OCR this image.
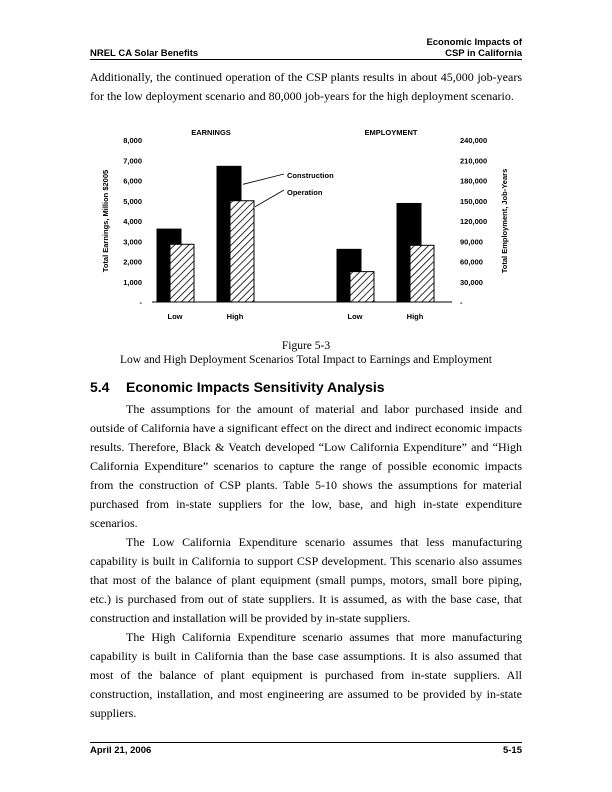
NREL CA Solar Benefits
Economic Impacts of
CSP in California

Additionally, the continued operation of the CSP plants results in about 45,000 job-years for the low deployment scenario and 80,000 job-years for the high deployment scenario.

-
1,000
2,000
3,000
4,000
5,000
6,000
7,000
8,000
-
30,000
60,000
90,000
120,000
150,000
180,000
210,000
240,000
Total Earnings, Million $2005	Total Employment, Job-Years
EARNINGS
Low	High
EMPLOYMENT
Low	High
Construction
Operation
Figure 5-3
Low and High Deployment Scenarios Total Impact to Earnings and Employment
5.4 Economic Impacts Sensitivity Analysis

The assumptions for the amount of material and labor purchased inside and outside of California have a significant effect on the direct and indirect economic impacts results. Therefore, Black & Veatch developed “Low California Expenditure” and “High California Expenditure” scenarios to capture the range of possible economic impacts from the construction of CSP plants. Table 5-10 shows the assumptions for material purchased from in-state suppliers for the low, base, and high in-state expenditure scenarios.

The Low California Expenditure scenario assumes that less manufacturing capability is built in California to support CSP development. This scenario also assumes that most of the balance of plant equipment (small pumps, motors, small bore piping, etc.) is purchased from out of state suppliers. It is assumed, as with the base case, that construction and installation will be provided by in-state suppliers.

The High California Expenditure scenario assumes that more manufacturing capability is built in California than the base case assumptions. It is also assumed that most of the balance of plant equipment is purchased from in-state suppliers. All construction, installation, and most engineering are assumed to be provided by in-state suppliers.

April 21, 2006	5-15
